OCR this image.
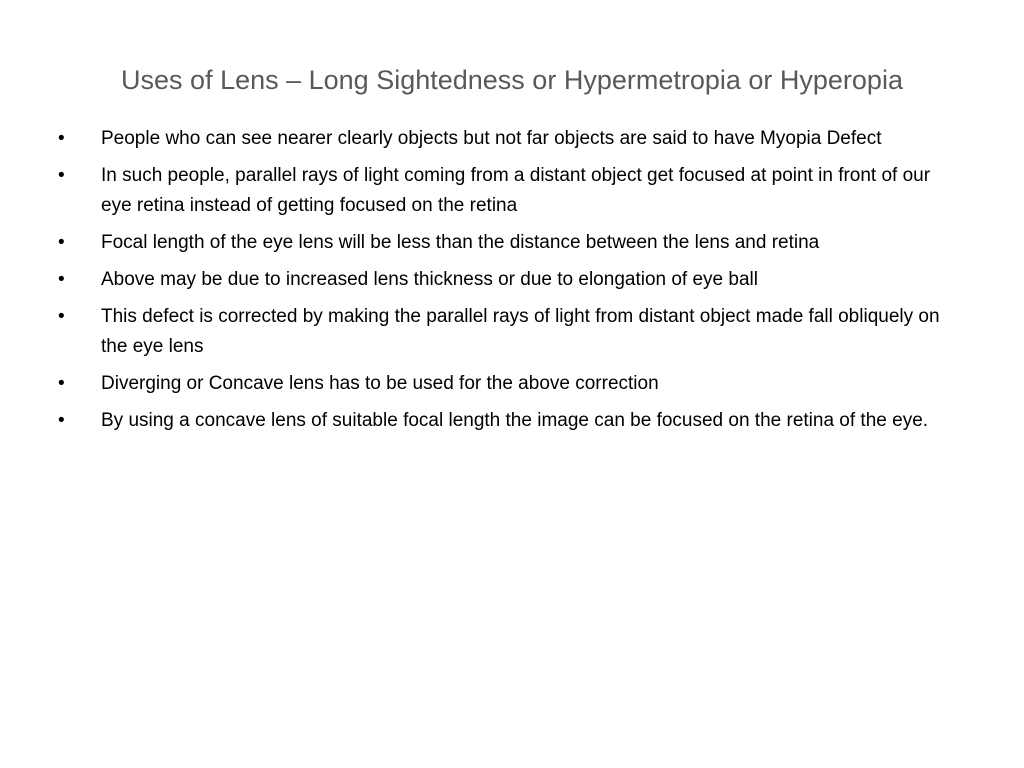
Uses of Lens – Long Sightedness or Hypermetropia or Hyperopia
•	People who can see nearer clearly objects but not far objects are said to have Myopia Defect
•	In such people, parallel rays of light coming from a distant object get focused at point in front of our eye retina instead of getting focused on the retina
•	Focal length of the eye lens will be less than the distance between the lens and retina
•	Above may be due to increased lens thickness or due to elongation of eye ball
•	This defect is corrected by making the parallel rays of light from distant object made fall obliquely on the eye lens
•	Diverging or Concave lens has to be used for the above correction
•	By using a concave lens of suitable focal length the image can be focused on the retina of the eye.
